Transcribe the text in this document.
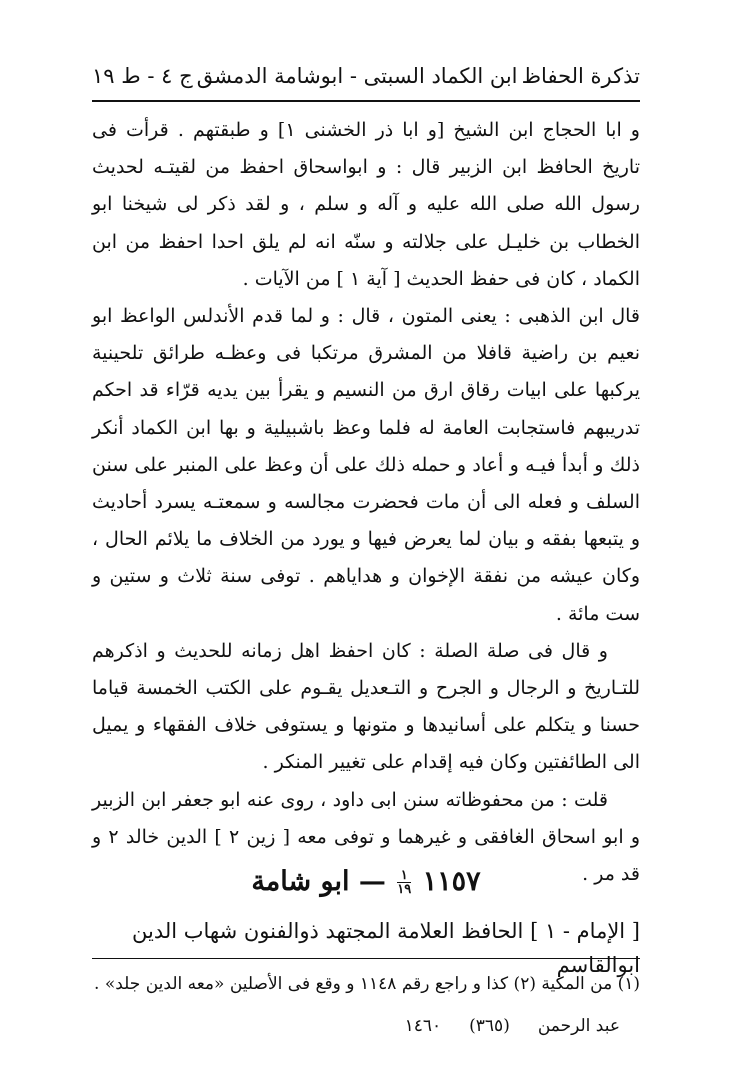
تذكرة الحفاظ
ابن الكماد السبتى - ابوشامة الدمشق
ج ٤ - ط ١٩

و ابا الحجاج ابن الشيخ [و ابا ذر الخشنى ١] و طبقتهم . قرأت فى تاريخ الحافظ ابن الزبير قال : و ابواسحاق احفظ من لقيتـه لحديث رسول الله صلى الله عليه و آله و سلم ، و لقد ذكر لى شيخنا ابو الخطاب بن خليـل على جلالته و سنّه انه لم يلق احدا احفظ من ابن الكماد ، كان فى حفظ الحديث [ آية ١ ] من الآيات .

قال ابن الذهبى : يعنى المتون ، قال : و لما قدم الأندلس الواعظ ابو نعيم بن راضية قافلا من المشرق مرتكبا فى وعظـه طرائق تلحينية يركبها على ابيات رقاق ارق من النسيم و يقرأ بين يديه قرّاء قد احكم تدريبهم فاستجابت العامة له فلما وعظ باشبيلية و بها ابن الكماد أنكر ذلك و أبدأ فيـه و أعاد و حمله ذلك على أن وعظ على المنبر على سنن السلف و فعله الى أن مات فحضرت مجالسه و سمعتـه يسرد أحاديث و يتبعها بفقه و بيان لما يعرض فيها و يورد من الخلاف ما يلائم الحال ، وكان عيشه من نفقة الإخوان و هداياهم . توفى سنة ثلاث و ستين و ست مائة .

و قال فى صلة الصلة : كان احفظ اهل زمانه للحديث و اذكرهم للتـاريخ و الرجال و الجرح و التـعديل يقـوم على الكتب الخمسة قياما حسنا و يتكلم على أسانيدها و متونها و يستوفى خلاف الفقهاء و يميل الى الطائفتين وكان فيه إقدام على تغيير المنكر .

قلت : من محفوظاته سنن ابى داود ، روى عنه ابو جعفر ابن الزبير و ابو اسحاق الغافقى و غيرهما و توفى معه [ زين ٢ ] الدين خالد ٢ و قد مر .

١١٥٧
$\frac{١}{١٩}$
— ابو شامة
[ الإمام - ١ ] الحافظ العلامة المجتهد ذوالفنون شهاب الدين ابوالقاسم
(١) من المكية (٢) كذا و راجع رقم ١١٤٨ و وقع فى الأصلين «معه الدين جلد» .
عبد الرحمن
(٣٦٥)
١٤٦٠
